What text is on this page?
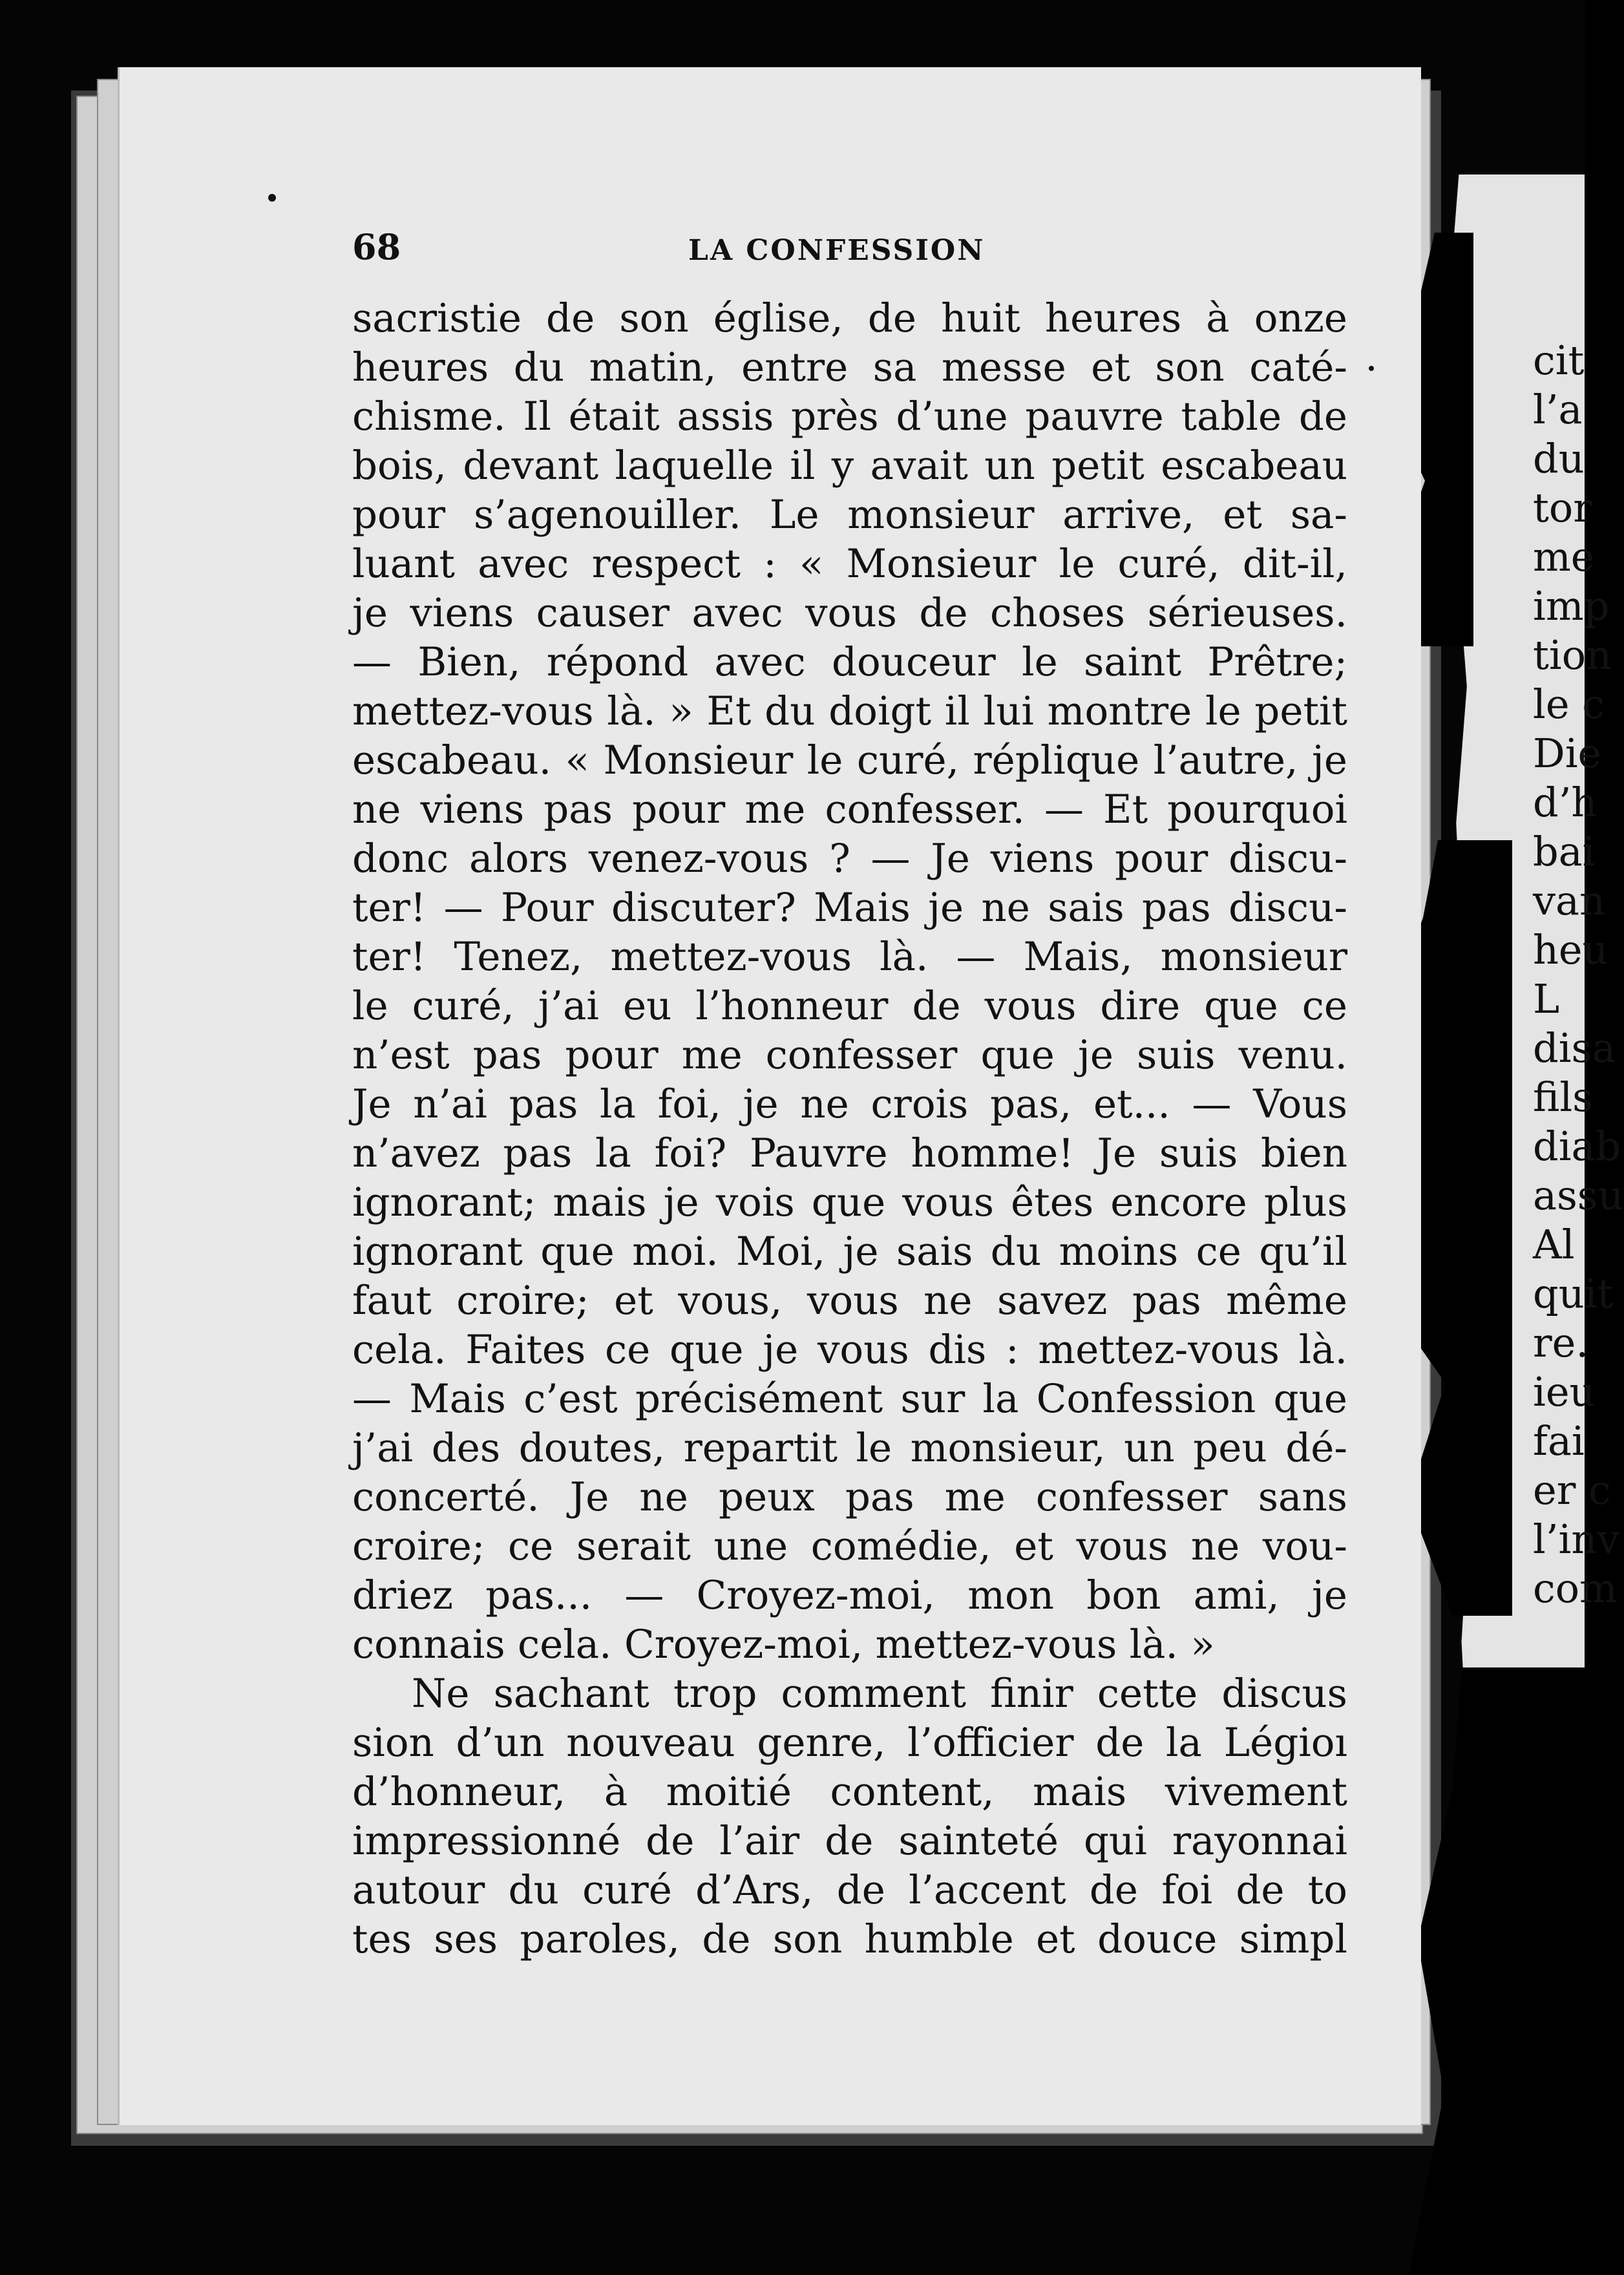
cit

l’a

du

tor

me

imp

tion

le c

Die

d’h

bai

van

heu

L

disa

fils

diab

assu

Al

quit

re.

ieu

fai

er c

l’inv

com

68	LA CONFESSION
sacristie de son église, de huit heures à onze
heures du matin, entre sa messe et son caté-
chisme. Il était assis près d’une pauvre table de
bois, devant laquelle il y avait un petit escabeau
pour s’agenouiller. Le monsieur arrive, et sa-
luant avec respect : « Monsieur le curé, dit-il,
je viens causer avec vous de choses sérieuses.
— Bien, répond avec douceur le saint Prêtre;
mettez-vous là. » Et du doigt il lui montre le petit
escabeau. « Monsieur le curé, réplique l’autre, je
ne viens pas pour me confesser. — Et pourquoi
donc alors venez-vous ? — Je viens pour discu-
ter! — Pour discuter? Mais je ne sais pas discu-
ter! Tenez, mettez-vous là. — Mais, monsieur
le curé, j’ai eu l’honneur de vous dire que ce
n’est pas pour me confesser que je suis venu.
Je n’ai pas la foi, je ne crois pas, et... — Vous
n’avez pas la foi? Pauvre homme! Je suis bien
ignorant; mais je vois que vous êtes encore plus
ignorant que moi. Moi, je sais du moins ce qu’il
faut croire; et vous, vous ne savez pas même
cela. Faites ce que je vous dis : mettez-vous là.
— Mais c’est précisément sur la Confession que
j’ai des doutes, repartit le monsieur, un peu dé-
concerté. Je ne peux pas me confesser sans
croire; ce serait une comédie, et vous ne vou-
driez pas... — Croyez-moi, mon bon ami, je
connais cela. Croyez-moi, mettez-vous là. »
Ne sachant trop comment finir cette discus
sion d’un nouveau genre, l’officier de la Légioı
d’honneur, à moitié content, mais vivement
impressionné de l’air de sainteté qui rayonnai
autour du curé d’Ars, de l’accent de foi de to
tes ses paroles, de son humble et douce simpl
